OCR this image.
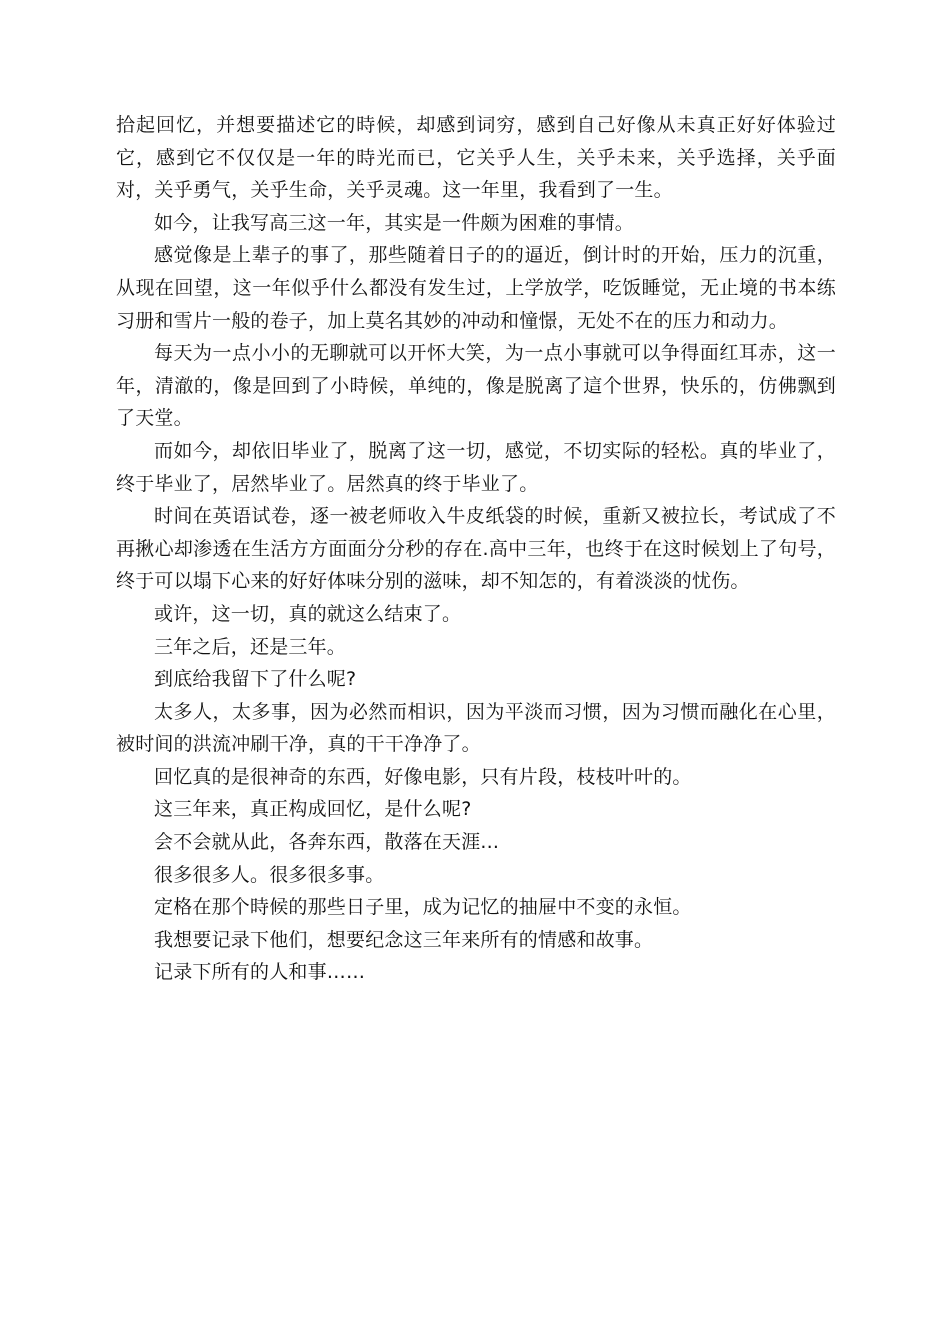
拾起回忆，并想要描述它的時候，却感到词穷，感到自己好像从未真正好好体验过它，感到它不仅仅是一年的時光而已，它关乎人生，关乎未来，关乎选择，关乎面对，关乎勇气，关乎生命，关乎灵魂。这一年里，我看到了一生。

如今，让我写高三这一年，其实是一件颇为困难的事情。

感觉像是上辈子的事了，那些随着日子的的逼近，倒计时的开始，压力的沉重，从现在回望，这一年似乎什么都没有发生过，上学放学，吃饭睡觉，无止境的书本练习册和雪片一般的卷子，加上莫名其妙的冲动和憧憬，无处不在的压力和动力。

每天为一点小小的无聊就可以开怀大笑，为一点小事就可以争得面红耳赤，这一年，清澈的，像是回到了小時候，单纯的，像是脱离了這个世界，快乐的，仿佛飘到了天堂。

而如今，却依旧毕业了，脱离了这一切，感觉，不切实际的轻松。真的毕业了，终于毕业了，居然毕业了。居然真的终于毕业了。

时间在英语试卷，逐一被老师收入牛皮纸袋的时候，重新又被拉长，考试成了不再揪心却渗透在生活方方面面分分秒的存在.高中三年，也终于在这时候划上了句号，终于可以塌下心来的好好体味分别的滋味，却不知怎的，有着淡淡的忧伤。

或许，这一切，真的就这么结束了。

三年之后，还是三年。

到底给我留下了什么呢?

太多人，太多事，因为必然而相识，因为平淡而习惯，因为习惯而融化在心里，被时间的洪流冲刷干净，真的干干净净了。

回忆真的是很神奇的东西，好像电影，只有片段，枝枝叶叶的。

这三年来，真正构成回忆，是什么呢?

会不会就从此，各奔东西，散落在天涯...

很多很多人。很多很多事。

定格在那个時候的那些日子里，成为记忆的抽屉中不变的永恒。

我想要记录下他们，想要纪念这三年来所有的情感和故事。

记录下所有的人和事……
